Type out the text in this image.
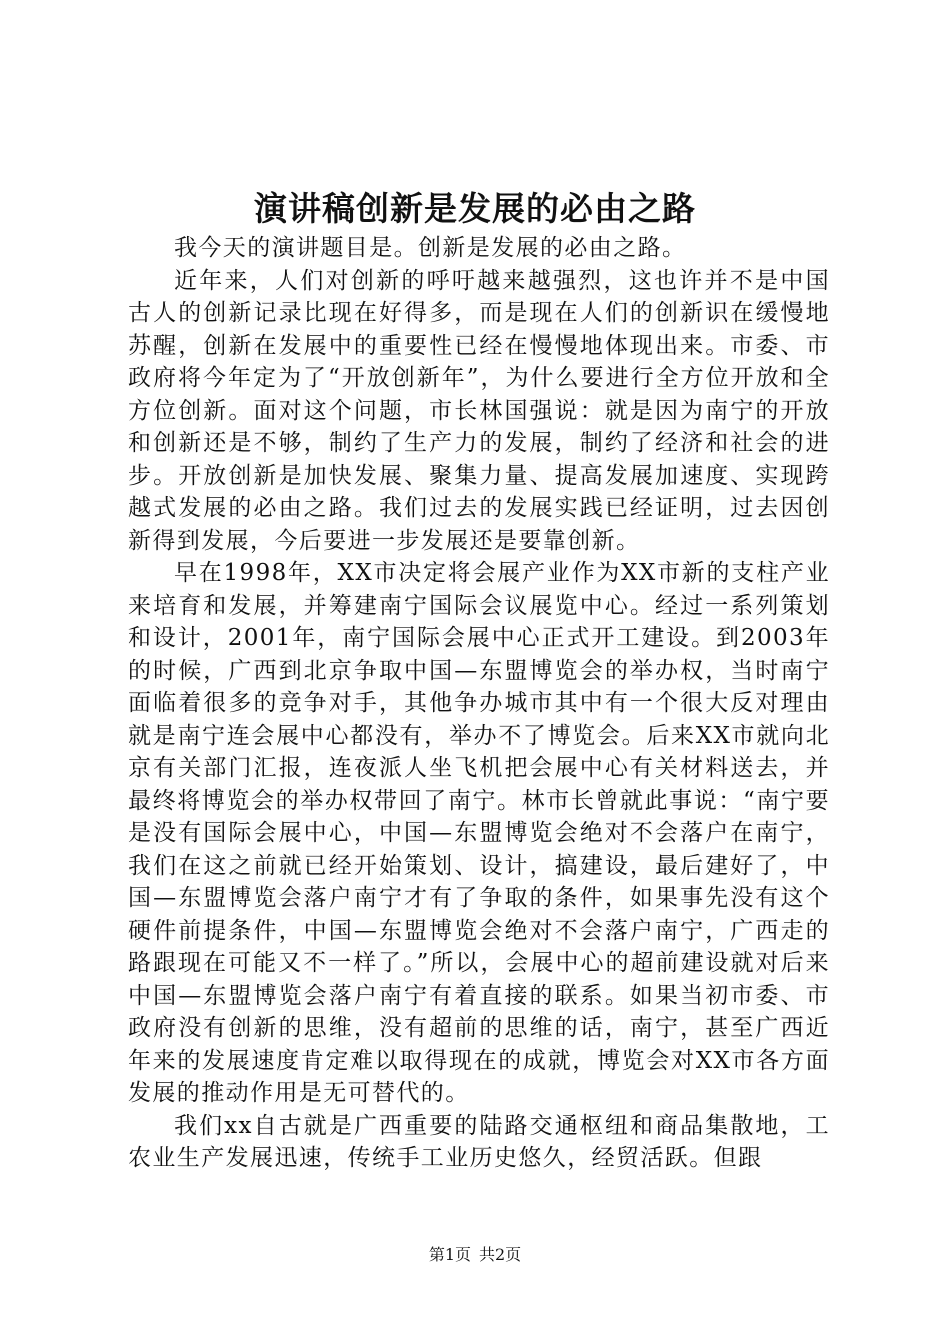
演讲稿创新是发展的必由之路

我今天的演讲题目是。创新是发展的必由之路。

近年来，人们对创新的呼吁越来越强烈，这也许并不是中国古人的创新记录比现在好得多，而是现在人们的创新识在缓慢地苏醒，创新在发展中的重要性已经在慢慢地体现出来。市委、市政府将今年定为了“开放创新年”，为什么要进行全方位开放和全方位创新。面对这个问题，市长林国强说：就是因为南宁的开放和创新还是不够，制约了生产力的发展，制约了经济和社会的进步。开放创新是加快发展、聚集力量、提高发展加速度、实现跨越式发展的必由之路。我们过去的发展实践已经证明，过去因创新得到发展，今后要进一步发展还是要靠创新。

早在1998年，XX市决定将会展产业作为XX市新的支柱产业来培育和发展，并筹建南宁国际会议展览中心。经过一系列策划和设计，2001年，南宁国际会展中心正式开工建设。到2003年的时候，广西到北京争取中国—东盟博览会的举办权，当时南宁面临着很多的竞争对手，其他争办城市其中有一个很大反对理由就是南宁连会展中心都没有，举办不了博览会。后来XX市就向北京有关部门汇报，连夜派人坐飞机把会展中心有关材料送去，并最终将博览会的举办权带回了南宁。林市长曾就此事说：“南宁要是没有国际会展中心，中国—东盟博览会绝对不会落户在南宁，我们在这之前就已经开始策划、设计，搞建设，最后建好了，中国—东盟博览会落户南宁才有了争取的条件，如果事先没有这个硬件前提条件，中国—东盟博览会绝对不会落户南宁，广西走的路跟现在可能又不一样了。”所以，会展中心的超前建设就对后来中国—东盟博览会落户南宁有着直接的联系。如果当初市委、市政府没有创新的思维，没有超前的思维的话，南宁，甚至广西近年来的发展速度肯定难以取得现在的成就，博览会对XX市各方面发展的推动作用是无可替代的。

我们xx自古就是广西重要的陆路交通枢纽和商品集散地，工农业生产发展迅速，传统手工业历史悠久，经贸活跃。但跟

第1页 共2页
